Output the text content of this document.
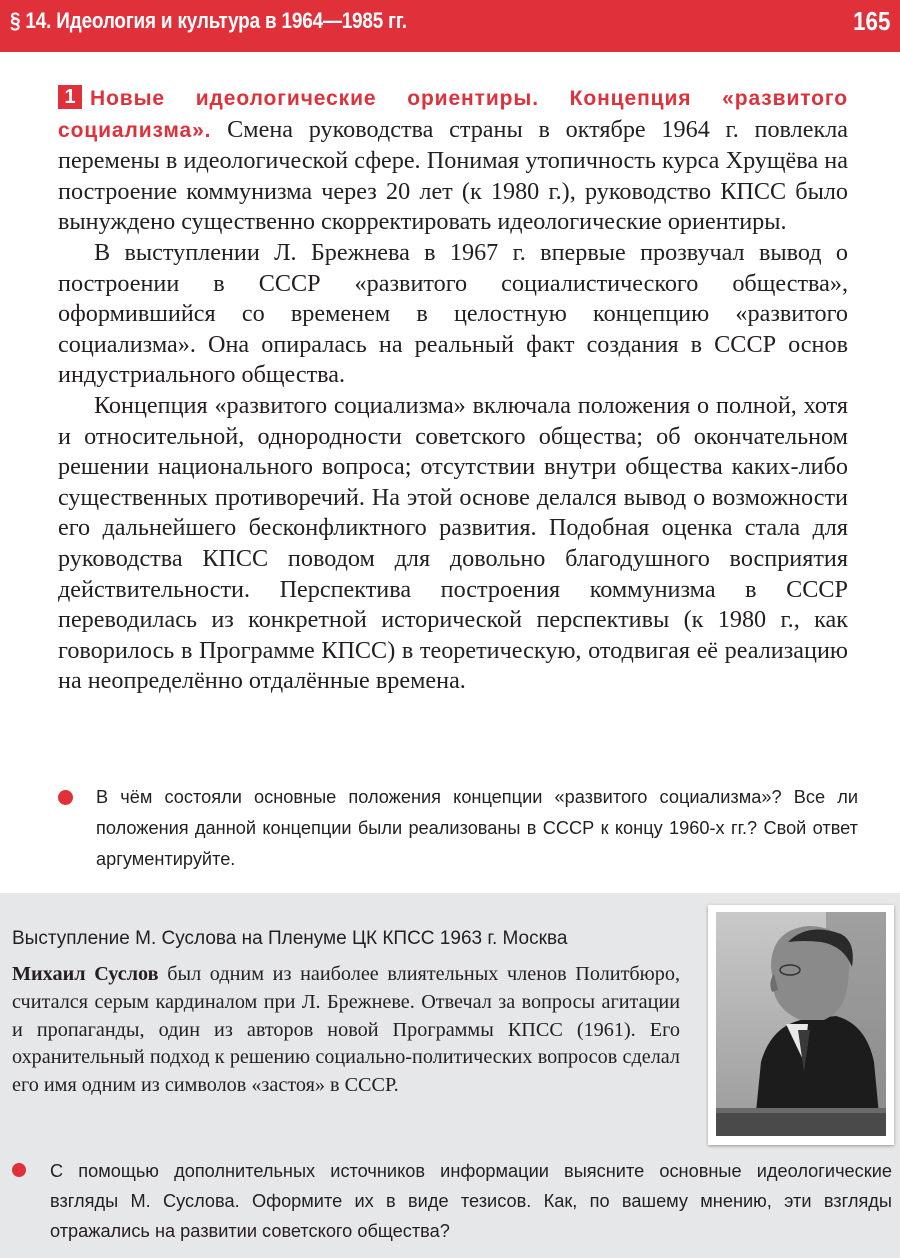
§ 14. Идеология и культура в 1964—1985 гг.	165

1 Новые идеологические ориентиры. Концепция «развитого социализма». Смена руководства страны в октябре 1964 г. повлекла перемены в идеологической сфере. Понимая утопичность курса Хрущёва на построение коммунизма через 20 лет (к 1980 г.), руководство КПСС было вынуждено существенно скорректировать идеологические ориентиры.

В выступлении Л. Брежнева в 1967 г. впервые прозвучал вывод о построении в СССР «развитого социалистического общества», оформившийся со временем в целостную концепцию «развитого социализма». Она опиралась на реальный факт создания в СССР основ индустриального общества.

Концепция «развитого социализма» включала положения о полной, хотя и относительной, однородности советского общества; об окончательном решении национального вопроса; отсутствии внутри общества каких-либо существенных противоречий. На этой основе делался вывод о возможности его дальнейшего бесконфликтного развития. Подобная оценка стала для руководства КПСС поводом для довольно благодушного восприятия действительности. Перспектива построения коммунизма в СССР переводилась из конкретной исторической перспективы (к 1980 г., как говорилось в Программе КПСС) в теоретическую, отодвигая её реализацию на неопределённо отдалённые времена.

В чём состояли основные положения концепции «развитого социализма»? Все ли положения данной концепции были реализованы в СССР к концу 1960-х гг.? Свой ответ аргументируйте.
Выступление М. Суслова на Пленуме ЦК КПСС 1963 г. Москва
Михаил Суслов был одним из наиболее влиятельных членов Политбюро, считался серым кардиналом при Л. Брежневе. Отвечал за вопросы агитации и пропаганды, один из авторов новой Программы КПСС (1961). Его охранительный подход к решению социально-политических вопросов сделал его имя одним из символов «застоя» в СССР.
С помощью дополнительных источников информации выясните основные идеологические взгляды М. Суслова. Оформите их в виде тезисов. Как, по вашему мнению, эти взгляды отражались на развитии советского общества?
